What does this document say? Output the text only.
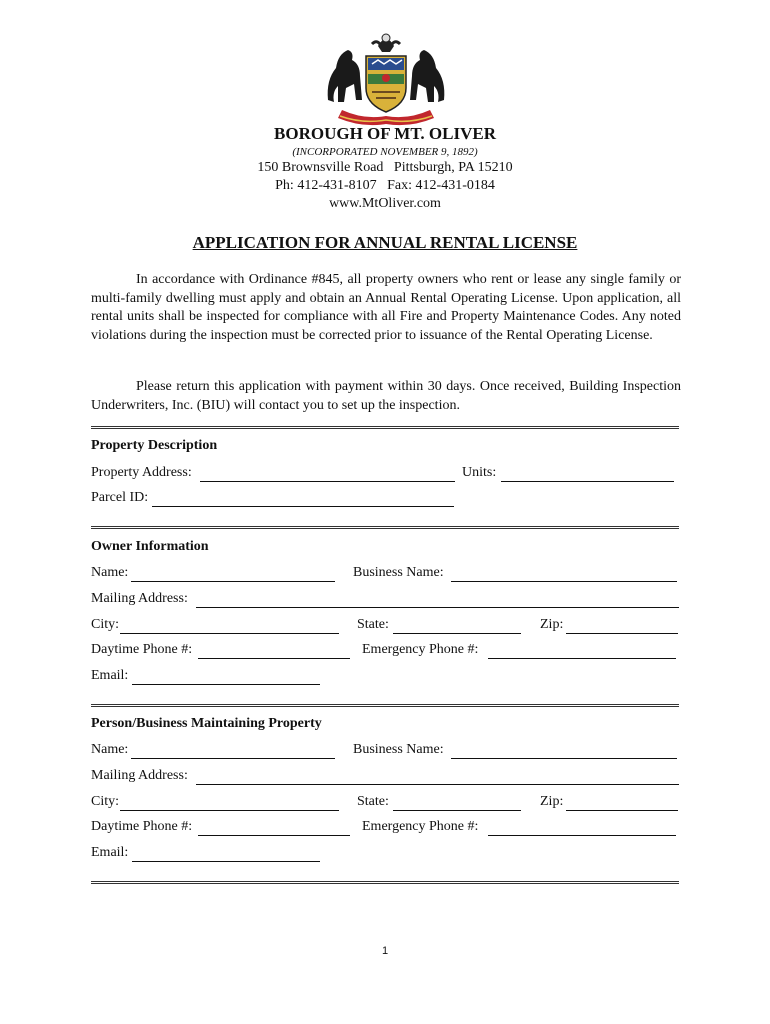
BOROUGH OF MT. OLIVER
(INCORPORATED NOVEMBER 9, 1892)
150 Brownsville Road   Pittsburgh, PA 15210
Ph: 412-431-8107   Fax: 412-431-0184
www.MtOliver.com
APPLICATION FOR ANNUAL RENTAL LICENSE
In accordance with Ordinance #845, all property owners who rent or lease any single family or multi-family dwelling must apply and obtain an Annual Rental Operating License. Upon application, all rental units shall be inspected for compliance with all Fire and Property Maintenance Codes. Any noted violations during the inspection must be corrected prior to issuance of the Rental Operating License.
Please return this application with payment within 30 days. Once received, Building Inspection Underwriters, Inc. (BIU) will contact you to set up the inspection.
Property Description
Property Address:	Units:
Parcel ID:
Owner Information
Name:	Business Name:
Mailing Address:
City:	State:	Zip:
Daytime Phone #:	Emergency Phone #:
Email:
Person/Business Maintaining Property
Name:	Business Name:
Mailing Address:
City:	State:	Zip:
Daytime Phone #:	Emergency Phone #:
Email:
1
